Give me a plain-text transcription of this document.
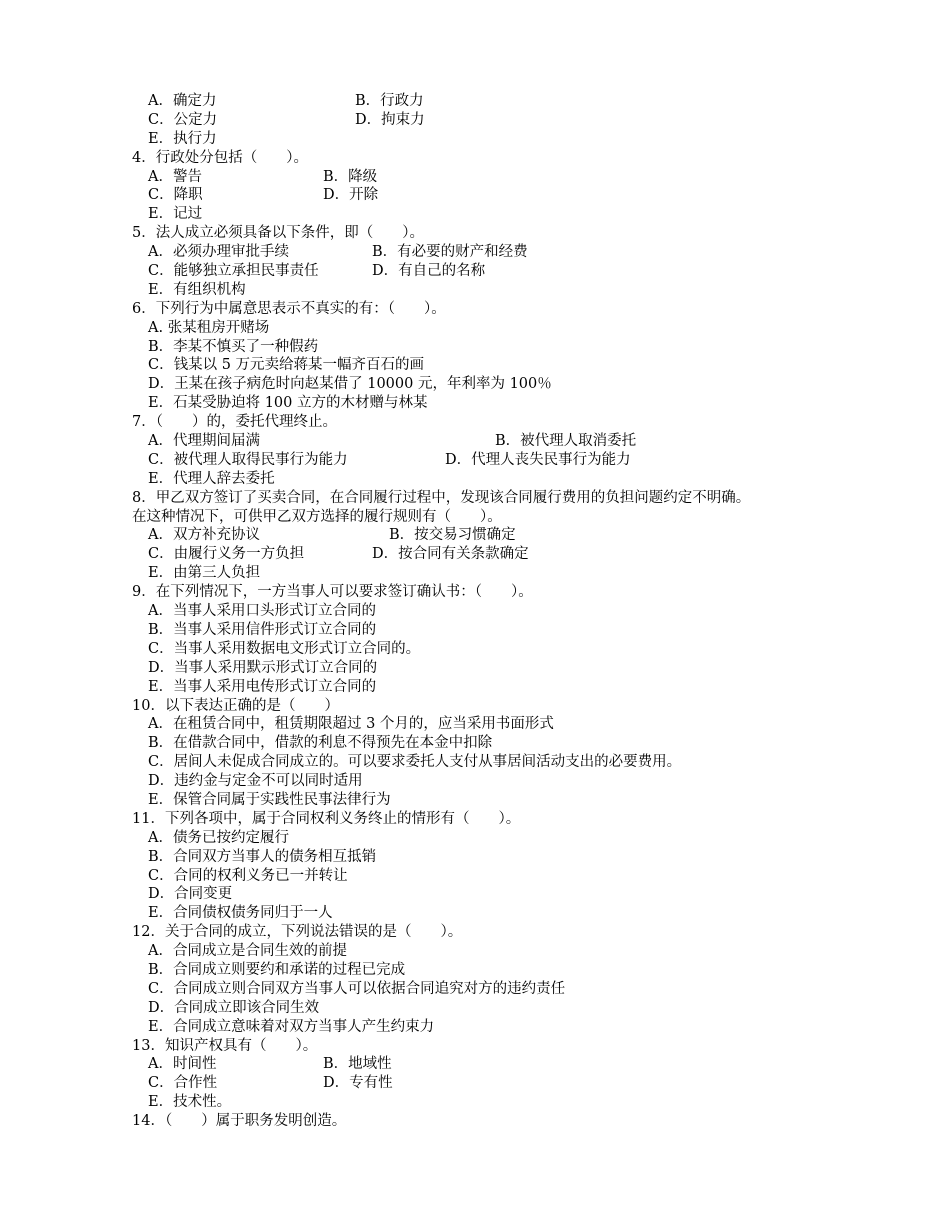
A．确定力	B．行政力
C．公定力	D．拘束力
E．执行力
4．行政处分包括（　　）。
A．警告	B．降级
C．降职	D．开除
E．记过
5．法人成立必须具备以下条件，即（　　）。
A．必须办理审批手续	B．有必要的财产和经费
C．能够独立承担民事责任	D．有自己的名称
E．有组织机构
6．下列行为中属意思表示不真实的有：（　　）。
A. 张某租房开赌场
B．李某不慎买了一种假药
C．钱某以 5 万元卖给蒋某一幅齐百石的画
D．王某在孩子病危时向赵某借了 10000 元，年利率为 100％
E．石某受胁迫将 100 立方的木材赠与林某
7．（　　）的，委托代理终止。
A．代理期间届满	B．被代理人取消委托
C．被代理人取得民事行为能力	D．代理人丧失民事行为能力
E．代理人辞去委托
8．甲乙双方签订了买卖合同，在合同履行过程中，发现该合同履行费用的负担问题约定不明确。
在这种情况下，可供甲乙双方选择的履行规则有（　　）。
A．双方补充协议	B．按交易习惯确定
C．由履行义务一方负担	D．按合同有关条款确定
E．由第三人负担
9．在下列情况下，一方当事人可以要求签订确认书：（　　）。
A．当事人采用口头形式订立合同的
B．当事人采用信件形式订立合同的
C．当事人采用数据电文形式订立合同的。
D．当事人采用默示形式订立合同的
E．当事人采用电传形式订立合同的
10．以下表达正确的是（　　）
A．在租赁合同中，租赁期限超过 3 个月的，应当采用书面形式
B．在借款合同中，借款的利息不得预先在本金中扣除
C．居间人未促成合同成立的。可以要求委托人支付从事居间活动支出的必要费用。
D．违约金与定金不可以同时适用
E．保管合同属于实践性民事法律行为
11．下列各项中，属于合同权利义务终止的情形有（　　）。
A．债务已按约定履行
B．合同双方当事人的债务相互抵销
C．合同的权利义务已一并转让
D．合同变更
E．合同债权债务同归于一人
12．关于合同的成立，下列说法错误的是（　　）。
A．合同成立是合同生效的前提
B．合同成立则要约和承诺的过程已完成
C．合同成立则合同双方当事人可以依据合同追究对方的违约责任
D．合同成立即该合同生效
E．合同成立意味着对双方当事人产生约束力
13．知识产权具有（　　）。
A．时间性	B．地域性
C．合作性	D．专有性
E．技术性。
14．（　　）属于职务发明创造。
